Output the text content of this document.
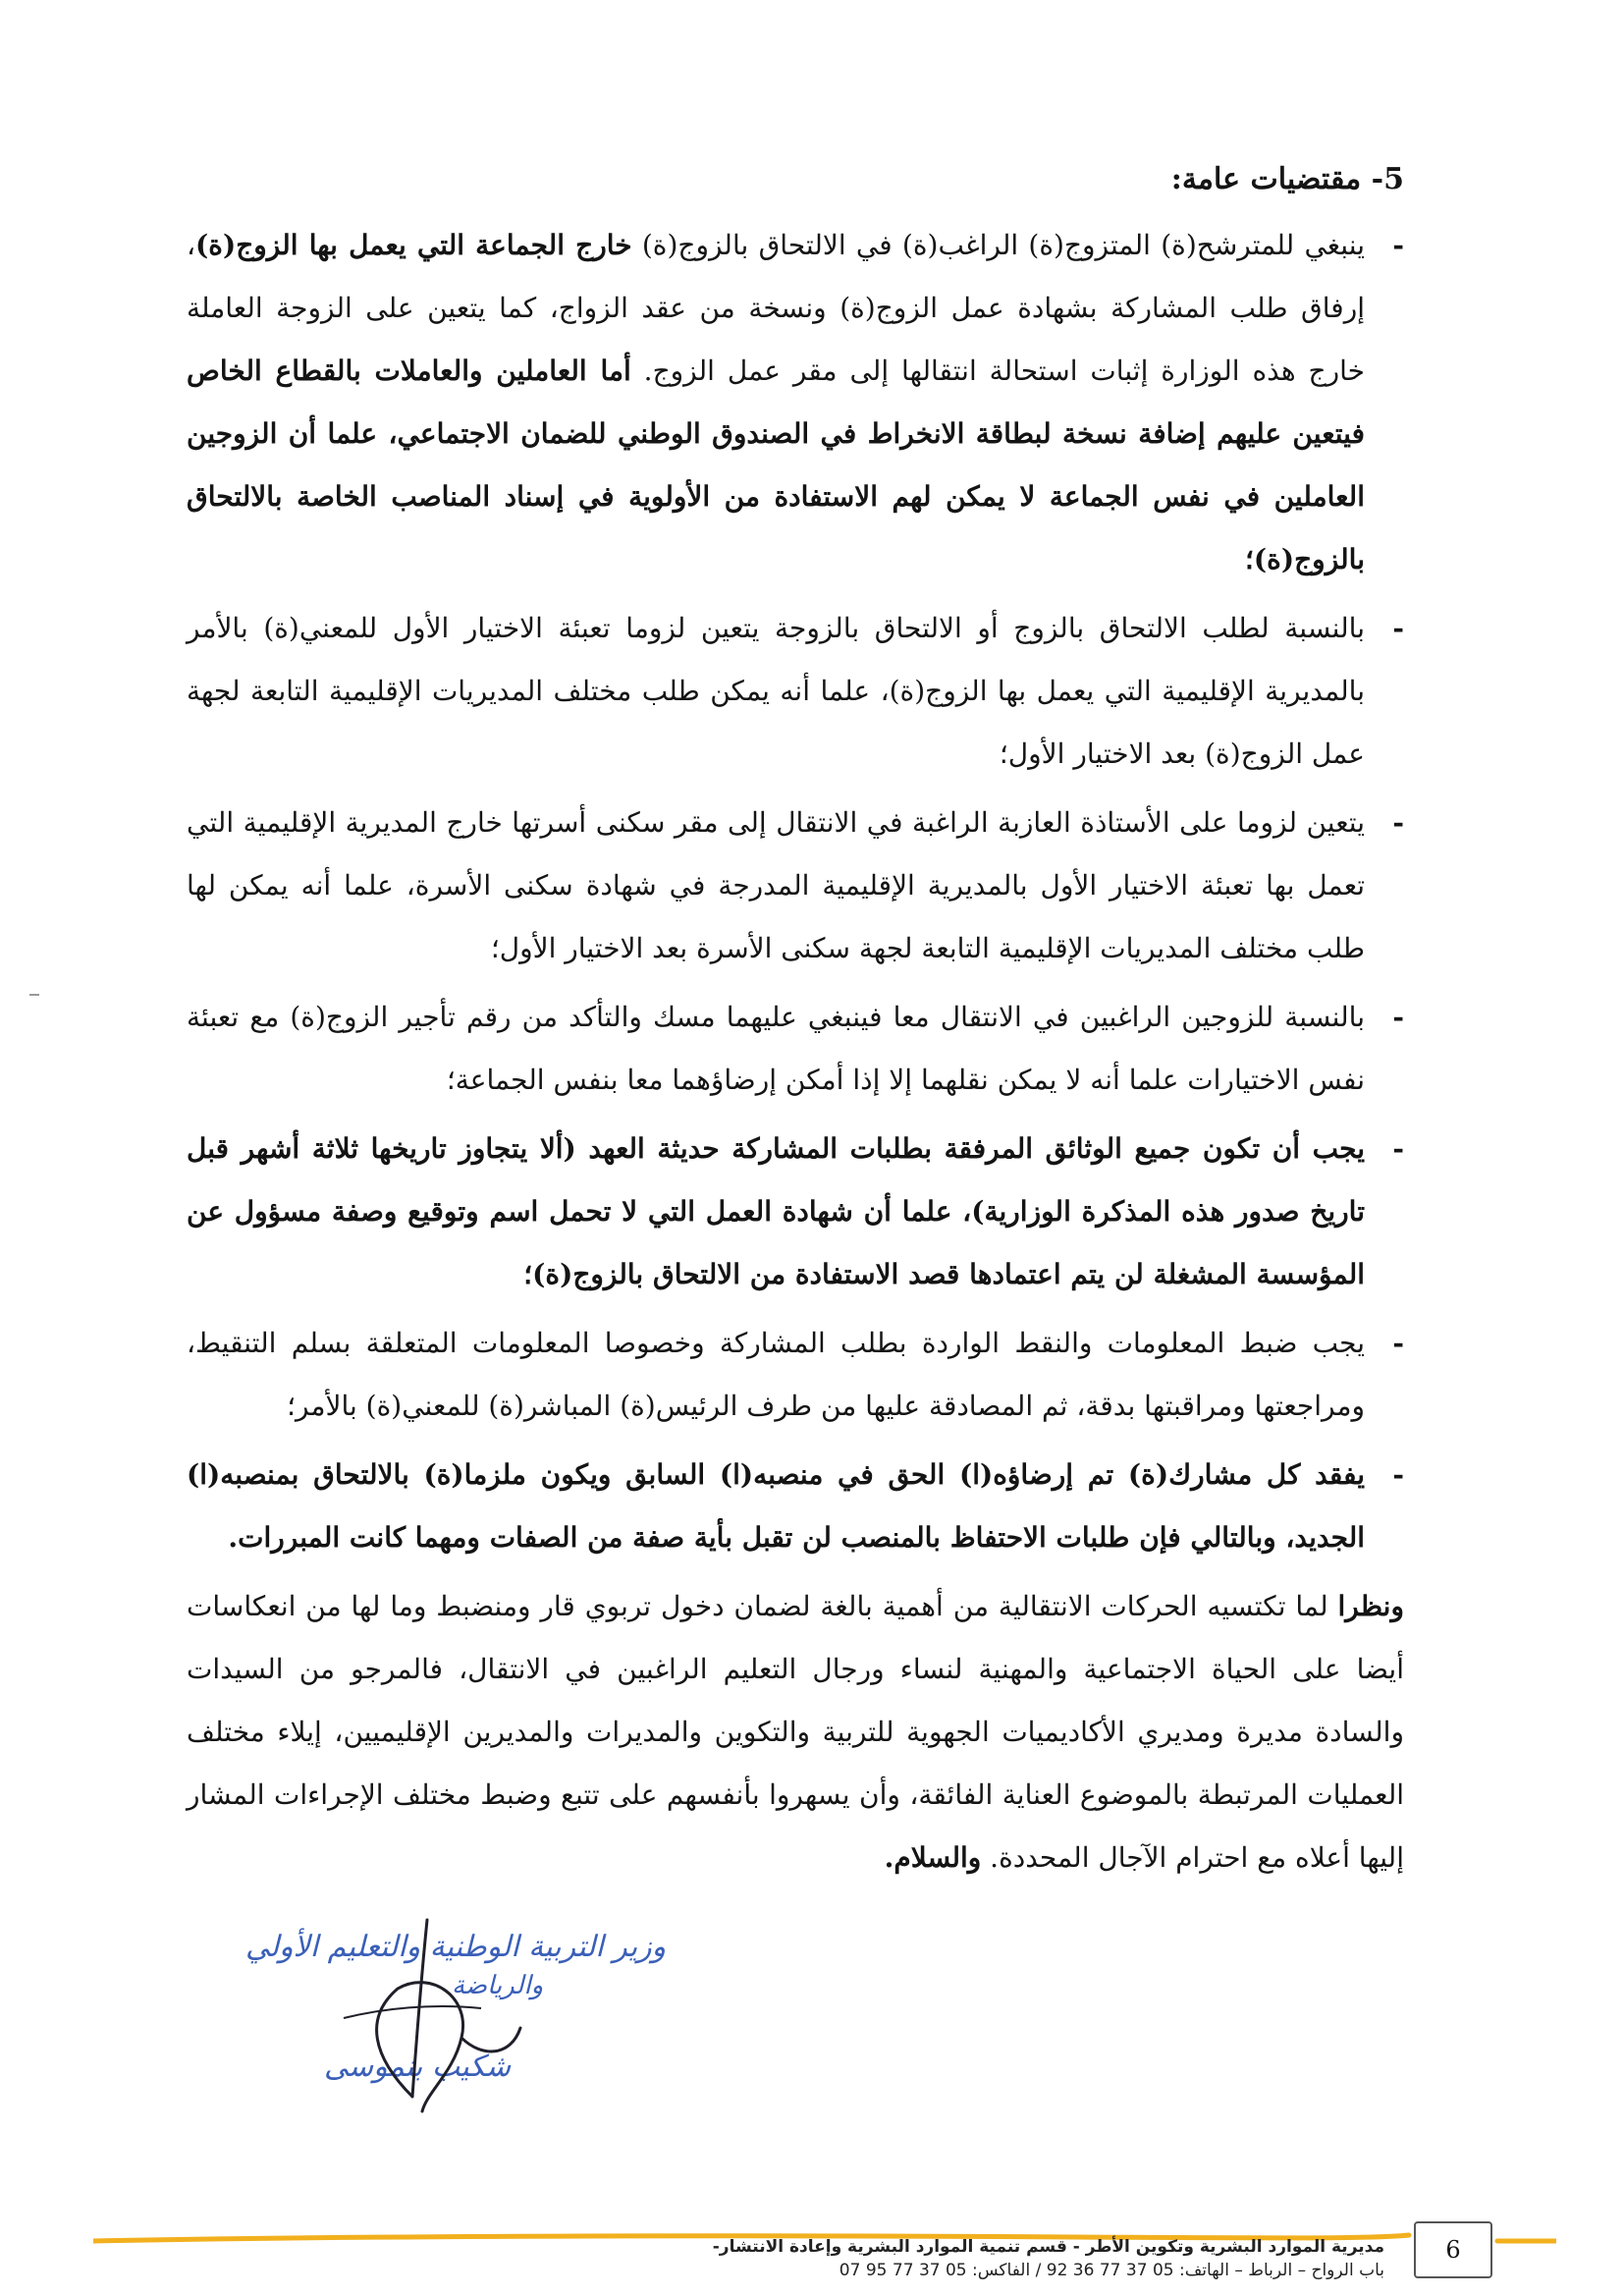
5- مقتضيات عامة:
-
ينبغي للمترشح(ة) المتزوج(ة) الراغب(ة) في الالتحاق بالزوج(ة) خارج الجماعة التي يعمل بها الزوج(ة)، إرفاق طلب المشاركة بشهادة عمل الزوج(ة) ونسخة من عقد الزواج، كما يتعين على الزوجة العاملة خارج هذه الوزارة إثبات استحالة انتقالها إلى مقر عمل الزوج. أما العاملين والعاملات بالقطاع الخاص فيتعين عليهم إضافة نسخة لبطاقة الانخراط في الصندوق الوطني للضمان الاجتماعي، علما أن الزوجين العاملين في نفس الجماعة لا يمكن لهم الاستفادة من الأولوية في إسناد المناصب الخاصة بالالتحاق بالزوج(ة)؛
-
بالنسبة لطلب الالتحاق بالزوج أو الالتحاق بالزوجة يتعين لزوما تعبئة الاختيار الأول للمعني(ة) بالأمر بالمديرية الإقليمية التي يعمل بها الزوج(ة)، علما أنه يمكن طلب مختلف المديريات الإقليمية التابعة لجهة عمل الزوج(ة) بعد الاختيار الأول؛
-
يتعين لزوما على الأستاذة العازبة الراغبة في الانتقال إلى مقر سكنى أسرتها خارج المديرية الإقليمية التي تعمل بها تعبئة الاختيار الأول بالمديرية الإقليمية المدرجة في شهادة سكنى الأسرة، علما أنه يمكن لها طلب مختلف المديريات الإقليمية التابعة لجهة سكنى الأسرة بعد الاختيار الأول؛
-
بالنسبة للزوجين الراغبين في الانتقال معا فينبغي عليهما مسك والتأكد من رقم تأجير الزوج(ة) مع تعبئة نفس الاختيارات علما أنه لا يمكن نقلهما إلا إذا أمكن إرضاؤهما معا بنفس الجماعة؛
-
يجب أن تكون جميع الوثائق المرفقة بطلبات المشاركة حديثة العهد (ألا يتجاوز تاريخها ثلاثة أشهر قبل تاريخ صدور هذه المذكرة الوزارية)، علما أن شهادة العمل التي لا تحمل اسم وتوقيع وصفة مسؤول عن المؤسسة المشغلة لن يتم اعتمادها قصد الاستفادة من الالتحاق بالزوج(ة)؛
-
يجب ضبط المعلومات والنقط الواردة بطلب المشاركة وخصوصا المعلومات المتعلقة بسلم التنقيط، ومراجعتها ومراقبتها بدقة، ثم المصادقة عليها من طرف الرئيس(ة) المباشر(ة) للمعني(ة) بالأمر؛
-
يفقد كل مشارك(ة) تم إرضاؤه(ا) الحق في منصبه(ا) السابق ويكون ملزما(ة) بالالتحاق بمنصبه(ا) الجديد، وبالتالي فإن طلبات الاحتفاظ بالمنصب لن تقبل بأية صفة من الصفات ومهما كانت المبررات.
ونظرا لما تكتسيه الحركات الانتقالية من أهمية بالغة لضمان دخول تربوي قار ومنضبط وما لها من انعكاسات أيضا على الحياة الاجتماعية والمهنية لنساء ورجال التعليم الراغبين في الانتقال، فالمرجو من السيدات والسادة مديرة ومديري الأكاديميات الجهوية للتربية والتكوين والمديرات والمديرين الإقليميين، إيلاء مختلف العمليات المرتبطة بالموضوع العناية الفائقة، وأن يسهروا بأنفسهم على تتبع وضبط مختلف الإجراءات المشار إليها أعلاه مع احترام الآجال المحددة. والسلام.
وزير التربية الوطنية والتعليم الأولي
والرياضة
شكيب بنموسى
6
مديرية الموارد البشرية وتكوين الأطر - قسم تنمية الموارد البشرية وإعادة الانتشار-
باب الرواح – الرباط – الهاتف: 05 37 77 36 92 / الفاكس: 05 37 77 95 07
